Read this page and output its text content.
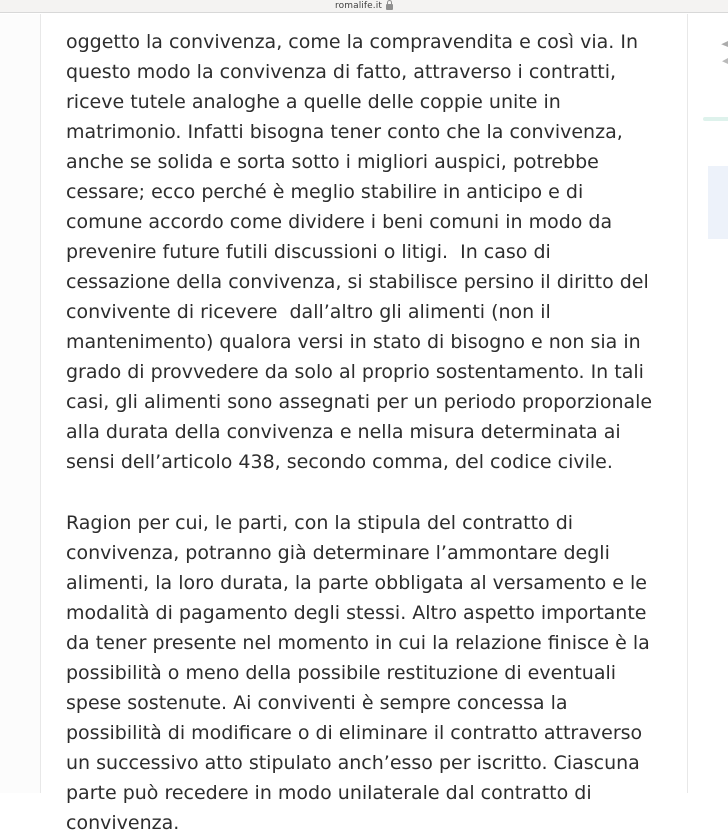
romalife.it

oggetto la convivenza, come la compravendita e così via. In questo modo la convivenza di fatto, attraverso i contratti, riceve tutele analoghe a quelle delle coppie unite in matrimonio. Infatti bisogna tener conto che la convivenza, anche se solida e sorta sotto i migliori auspici, potrebbe cessare; ecco perché è meglio stabilire in anticipo e di comune accordo come dividere i beni comuni in modo da prevenire future futili discussioni o litigi.  In caso di cessazione della convivenza, si stabilisce persino il diritto del convivente di ricevere  dall’altro gli alimenti (non il mantenimento) qualora versi in stato di bisogno e non sia in grado di provvedere da solo al proprio sostentamento. In tali casi, gli alimenti sono assegnati per un periodo proporzionale alla durata della convivenza e nella misura determinata ai sensi dell’articolo 438, secondo comma, del codice civile.

Ragion per cui, le parti, con la stipula del contratto di convivenza, potranno già determinare l’ammontare degli alimenti, la loro durata, la parte obbligata al versamento e le modalità di pagamento degli stessi. Altro aspetto importante da tener presente nel momento in cui la relazione finisce è la possibilità o meno della possibile restituzione di eventuali spese sostenute. Ai conviventi è sempre concessa la possibilità di modificare o di eliminare il contratto attraverso un successivo atto stipulato anch’esso per iscritto. Ciascuna parte può recedere in modo unilaterale dal contratto di convivenza.
